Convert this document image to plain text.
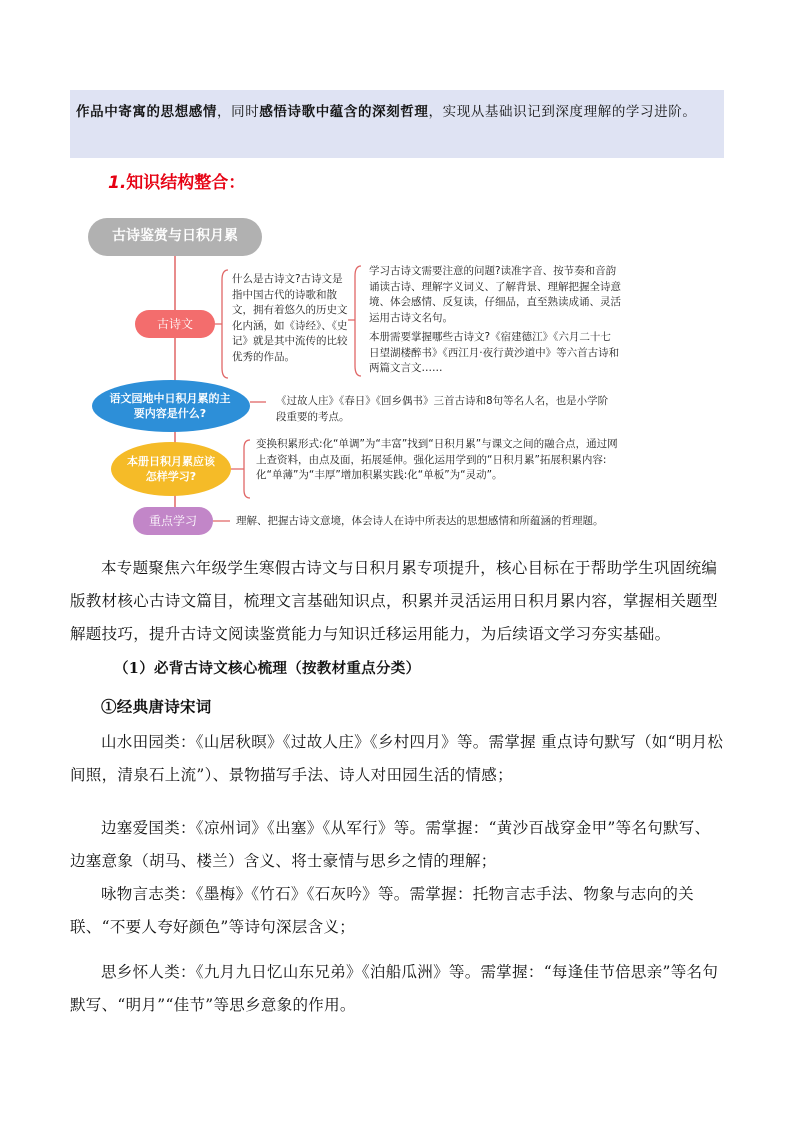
作品中寄寓的思想感情，同时感悟诗歌中蕴含的深刻哲理，实现从基础识记到深度理解的学习进阶。
1.知识结构整合：
古诗鉴赏与日积月累
古诗文
语文园地中日积月累的主要内容是什么?
本册日积月累应该怎样学习?
重点学习

什么是古诗文?古诗文是指中国古代的诗歌和散文，拥有着悠久的历史文化内涵，如《诗经》、《史记》就是其中流传的比较优秀的作品。

学习古诗文需要注意的问题?读准字音、按节奏和音韵诵读古诗、理解字义词义、了解背景、理解把握全诗意境、体会感情、反复读，仔细品，直至熟读成诵、灵活运用古诗文名句。

本册需要掌握哪些古诗文?《宿建德江》《六月二十七日望湖楼醉书》《西江月·夜行黄沙道中》等六首古诗和两篇文言文……

《过故人庄》《春日》《回乡偶书》三首古诗和8句等名人名，也是小学阶段重要的考点。

变换积累形式:化“单调”为“丰富”找到“日积月累”与课文之间的融合点，通过网上查资料，由点及面，拓展延伸。强化运用学到的“日积月累”拓展积累内容:化“单薄”为“丰厚”增加积累实践:化“单板”为“灵动”。

理解、把握古诗文意境，体会诗人在诗中所表达的思想感情和所蕴涵的哲理题。

本专题聚焦六年级学生寒假古诗文与日积月累专项提升，核心目标在于帮助学生巩固统编版教材核心古诗文篇目，梳理文言基础知识点，积累并灵活运用日积月累内容，掌握相关题型解题技巧，提升古诗文阅读鉴赏能力与知识迁移运用能力，为后续语文学习夯实基础。

（1）必背古诗文核心梳理（按教材重点分类）

①经典唐诗宋词

山水田园类：《山居秋暝》《过故人庄》《乡村四月》等。需掌握 重点诗句默写（如“明月松间照，清泉石上流”）、景物描写手法、诗人对田园生活的情感；

边塞爱国类：《凉州词》《出塞》《从军行》等。需掌握：“黄沙百战穿金甲”等名句默写、边塞意象（胡马、楼兰）含义、将士豪情与思乡之情的理解；

咏物言志类：《墨梅》《竹石》《石灰吟》等。需掌握：托物言志手法、物象与志向的关联、“不要人夸好颜色”等诗句深层含义；

思乡怀人类：《九月九日忆山东兄弟》《泊船瓜洲》等。需掌握：“每逢佳节倍思亲”等名句默写、“明月”“佳节”等思乡意象的作用。
